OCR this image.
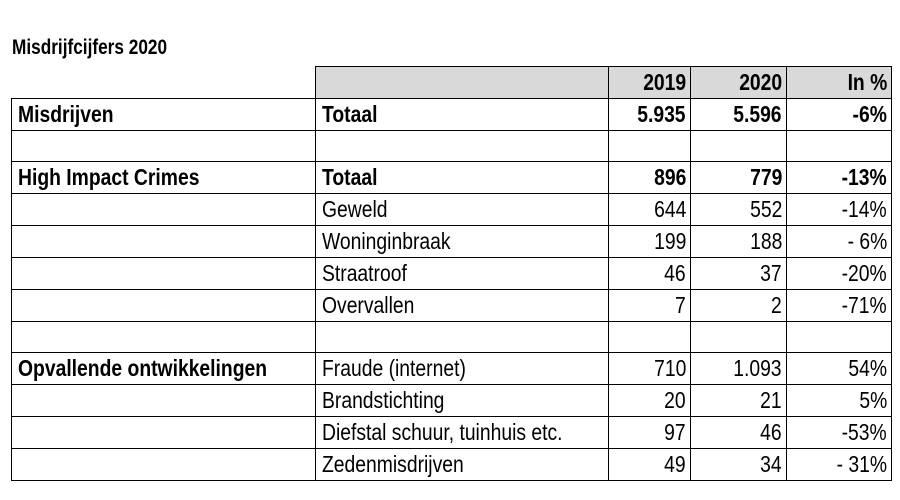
Misdrijfcijfers 2020
		2019	2020	In %
Misdrijven	Totaal	5.935	5.596	-6%

High Impact Crimes	Totaal	896	779	-13%
	Geweld	644	552	-14%
	Woninginbraak	199	188	- 6%
	Straatroof	46	37	-20%
	Overvallen	7	2	-71%

Opvallende ontwikkelingen	Fraude (internet)	710	1.093	54%
	Brandstichting	20	21	5%
	Diefstal schuur, tuinhuis etc.	97	46	-53%
	Zedenmisdrijven	49	34	- 31%
